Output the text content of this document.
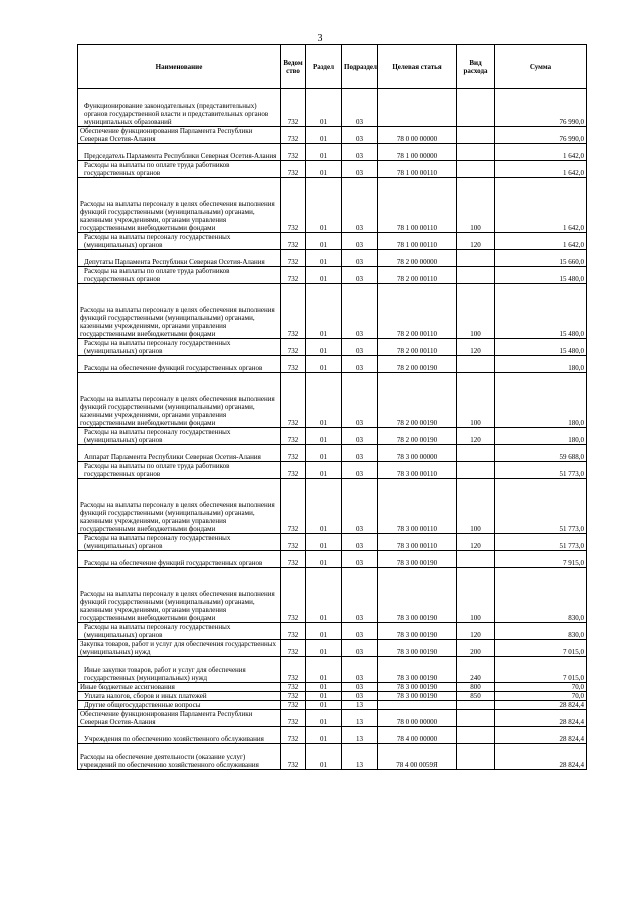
3
Наименование	Ведом ство	Раздел	Подраздел	Целевая статья	Вид расхода	Сумма
Функционирование законодательных (представительных) органов государственной власти и представительных органов муниципальных образований	732	01	03			76 990,0
Обеспечение функционирования Парламента Республики Северная Осетия-Алания	732	01	03	78 0 00 00000		76 990,0
Председатель Парламента Республики Северная Осетия-Алания	732	01	03	78 1 00 00000		1 642,0
Расходы на выплаты по оплате труда работников государственных органов	732	01	03	78 1 00 00110		1 642,0
Расходы на выплаты персоналу в целях обеспечения выполнения функций государственными (муниципальными) органами, казенными учреждениями, органами управления государственными внебюджетными фондами	732	01	03	78 1 00 00110	100	1 642,0
Расходы на выплаты персоналу государственных (муниципальных) органов	732	01	03	78 1 00 00110	120	1 642,0
Депутаты Парламента Республики Северная Осетия-Алания	732	01	03	78 2 00 00000		15 660,0
Расходы на выплаты по оплате труда работников государственных органов	732	01	03	78 2 00 00110		15 480,0
Расходы на выплаты персоналу в целях обеспечения выполнения функций государственными (муниципальными) органами, казенными учреждениями, органами управления государственными внебюджетными фондами	732	01	03	78 2 00 00110	100	15 480,0
Расходы на выплаты персоналу государственных (муниципальных) органов	732	01	03	78 2 00 00110	120	15 480,0
Расходы на обеспечение функций государственных органов	732	01	03	78 2 00 00190		180,0
Расходы на выплаты персоналу в целях обеспечения выполнения функций государственными (муниципальными) органами, казенными учреждениями, органами управления государственными внебюджетными фондами	732	01	03	78 2 00 00190	100	180,0
Расходы на выплаты персоналу государственных (муниципальных) органов	732	01	03	78 2 00 00190	120	180,0
Аппарат Парламента Республики Северная Осетия-Алания	732	01	03	78 3 00 00000		59 688,0
Расходы на выплаты по оплате труда работников государственных органов	732	01	03	78 3 00 00110		51 773,0
Расходы на выплаты персоналу в целях обеспечения выполнения функций государственными (муниципальными) органами, казенными учреждениями, органами управления государственными внебюджетными фондами	732	01	03	78 3 00 00110	100	51 773,0
Расходы на выплаты персоналу государственных (муниципальных) органов	732	01	03	78 3 00 00110	120	51 773,0
Расходы на обеспечение функций государственных органов	732	01	03	78 3 00 00190		7 915,0
Расходы на выплаты персоналу в целях обеспечения выполнения функций государственными (муниципальными) органами, казенными учреждениями, органами управления государственными внебюджетными фондами	732	01	03	78 3 00 00190	100	830,0
Расходы на выплаты персоналу государственных (муниципальных) органов	732	01	03	78 3 00 00190	120	830,0
Закупка товаров, работ и услуг для обеспечения государственных (муниципальных) нужд	732	01	03	78 3 00 00190	200	7 015,0
Иные закупки товаров, работ и услуг для обеспечения государственных (муниципальных) нужд	732	01	03	78 3 00 00190	240	7 015,0
Иные бюджетные ассигнования	732	01	03	78 3 00 00190	800	70,0
Уплата налогов, сборов и иных платежей	732	01	03	78 3 00 00190	850	70,0
Другие общегосударственные вопросы	732	01	13			28 824,4
Обеспечение функционирования Парламента Республики Северная Осетия-Алания	732	01	13	78 0 00 00000		28 824,4
Учреждения по обеспечению хозяйственного обслуживания	732	01	13	78 4 00 00000		28 824,4
Расходы на обеспечение деятельности (оказание услуг) учреждений по обеспечению хозяйственного обслуживания	732	01	13	78 4 00 0059Я		28 824,4
